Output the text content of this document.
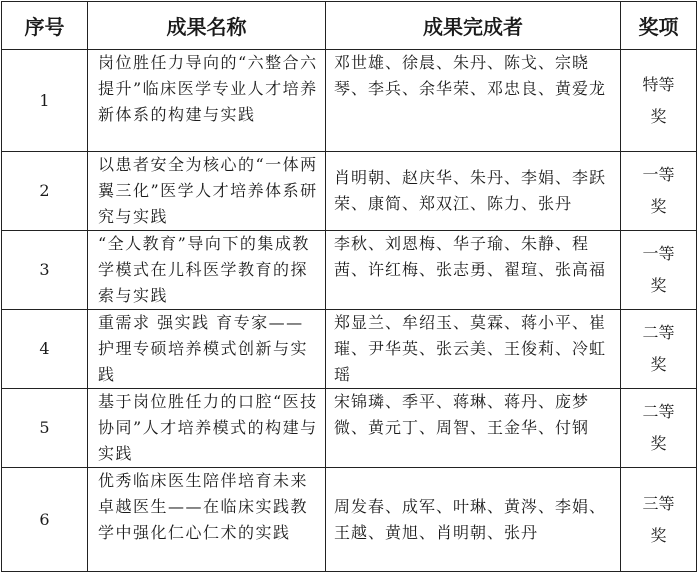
序号	成果名称	成果完成者	奖项
1	岗位胜任力导向的“六整合六提升”临床医学专业人才培养新体系的构建与实践	邓世雄、徐晨、朱丹、陈戈、宗晓琴、李兵、余华荣、邓忠良、黄爱龙	特等奖

2	以患者安全为核心的“一体两翼三化”医学人才培养体系研究与实践	肖明朝、赵庆华、朱丹、李娟、李跃荣、康简、郑双江、陈力、张丹	一等奖

3	“全人教育”导向下的集成教学模式在儿科医学教育的探索与实践	李秋、刘恩梅、华子瑜、朱静、程茜、许红梅、张志勇、翟瑄、张高福	一等奖

4	重需求 强实践 育专家——护理专硕培养模式创新与实践	郑显兰、牟绍玉、莫霖、蒋小平、崔璀、尹华英、张云美、王俊莉、冷虹瑶	二等奖

5	基于岗位胜任力的口腔“医技协同”人才培养模式的构建与实践	宋锦璘、季平、蒋琳、蒋丹、庞梦微、黄元丁、周智、王金华、付钢	二等奖

6	优秀临床医生陪伴培育未来卓越医生——在临床实践教学中强化仁心仁术的实践	周发春、成军、叶琳、黄涔、李娟、王越、黄旭、肖明朝、张丹	三等奖
